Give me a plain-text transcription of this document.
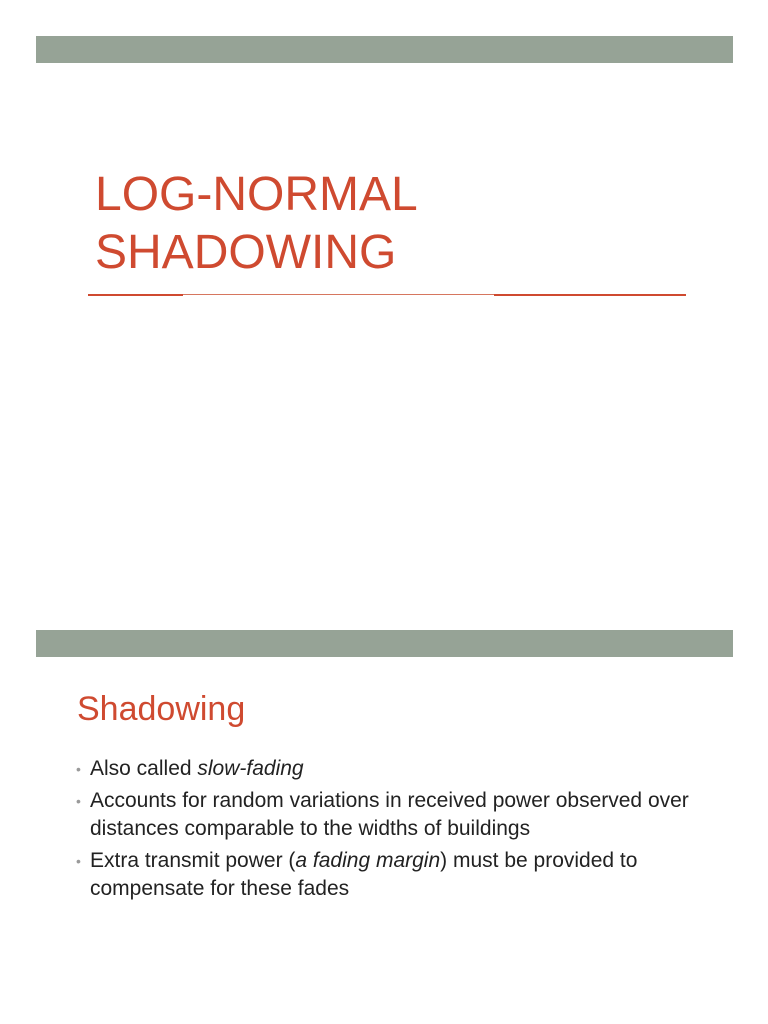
LOG-NORMAL
SHADOWING
Shadowing
• Also called slow-fading
• Accounts for random variations in received power observed over distances comparable to the widths of buildings
• Extra transmit power (a fading margin) must be provided to compensate for these fades
